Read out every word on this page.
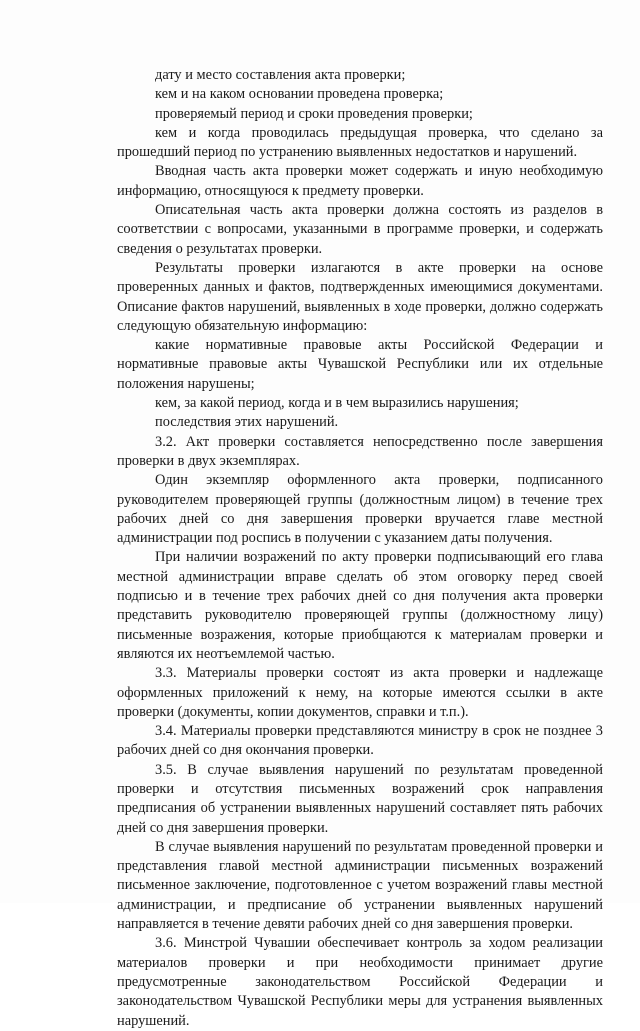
дату и место составления акта проверки;

кем и на каком основании проведена проверка;

проверяемый период и сроки проведения проверки;

кем и когда проводилась предыдущая проверка, что сделано за прошедший период по устранению выявленных недостатков и нарушений.

Вводная часть акта проверки может содержать и иную необходимую информацию, относящуюся к предмету проверки.

Описательная часть акта проверки должна состоять из разделов в соответствии с вопросами, указанными в программе проверки, и содержать сведения о результатах проверки.

Результаты проверки излагаются в акте проверки на основе проверенных данных и фактов, подтвержденных имеющимися документами. Описание фактов нарушений, выявленных в ходе проверки, должно содержать следующую обязательную информацию:

какие нормативные правовые акты Российской Федерации и нормативные правовые акты Чувашской Республики или их отдельные положения нарушены;

кем, за какой период, когда и в чем выразились нарушения;

последствия этих нарушений.

3.2. Акт проверки составляется непосредственно после завершения проверки в двух экземплярах.

Один экземпляр оформленного акта проверки, подписанного руководителем проверяющей группы (должностным лицом) в течение трех рабочих дней со дня завершения проверки вручается главе местной администрации под роспись в получении с указанием даты получения.

При наличии возражений по акту проверки подписывающий его глава местной администрации вправе сделать об этом оговорку перед своей подписью и в течение трех рабочих дней со дня получения акта проверки представить руководителю проверяющей группы (должностному лицу) письменные возражения, которые приобщаются к материалам проверки и являются их неотъемлемой частью.

3.3. Материалы проверки состоят из акта проверки и надлежаще оформленных приложений к нему, на которые имеются ссылки в акте проверки (документы, копии документов, справки и т.п.).

3.4. Материалы проверки представляются министру в срок не позднее 3 рабочих дней со дня окончания проверки.

3.5. В случае выявления нарушений по результатам проведенной проверки и отсутствия письменных возражений срок направления предписания об устранении выявленных нарушений составляет пять рабочих дней со дня завершения проверки.

В случае выявления нарушений по результатам проведенной проверки и представления главой местной администрации письменных возражений письменное заключение, подготовленное с учетом возражений главы местной администрации, и предписание об устранении выявленных нарушений направляется в течение девяти рабочих дней со дня завершения проверки.

3.6. Минстрой Чувашии обеспечивает контроль за ходом реализации материалов проверки и при необходимости принимает другие предусмотренные законодательством Российской Федерации и законодательством Чувашской Республики меры для устранения выявленных нарушений.
